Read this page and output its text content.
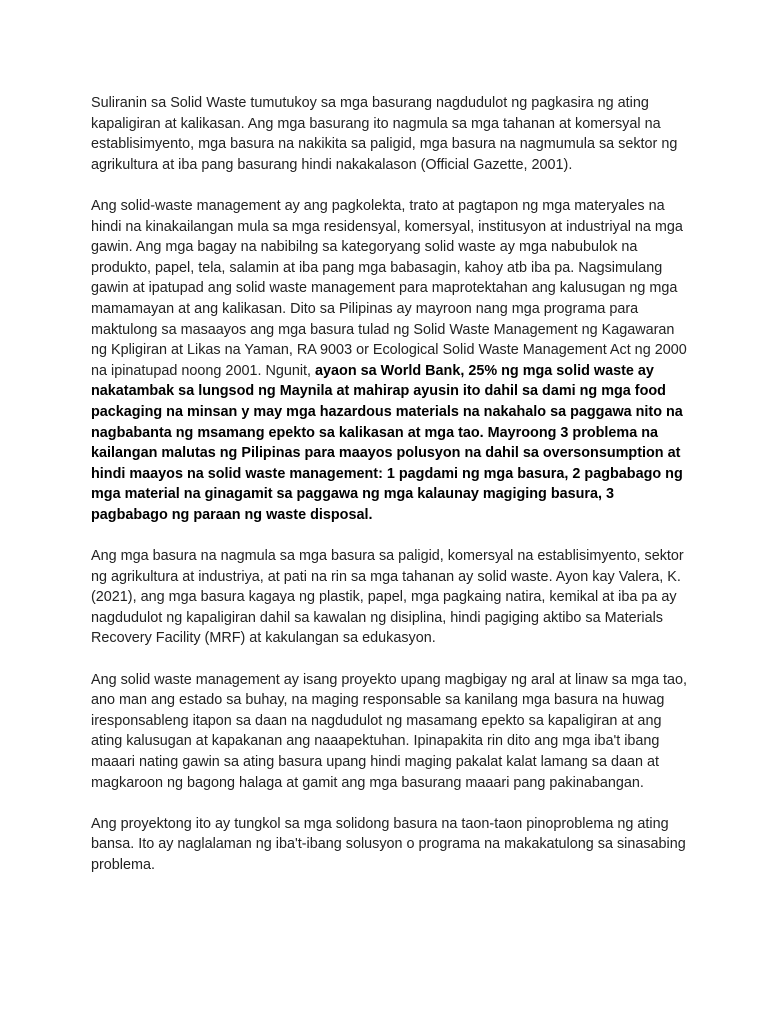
Suliranin sa Solid Waste tumutukoy sa mga basurang nagdudulot ng pagkasira ng ating kapaligiran at kalikasan. Ang mga basurang ito nagmula sa mga tahanan at komersyal na establisimyento, mga basura na nakikita sa paligid, mga basura na nagmumula sa sektor ng agrikultura at iba pang basurang hindi nakakalason (Official Gazette, 2001).

Ang solid-waste management ay ang pagkolekta, trato at pagtapon ng mga materyales na hindi na kinakailangan mula sa mga residensyal, komersyal, institusyon at industriyal na mga gawin. Ang mga bagay na nabibilng sa kategoryang solid waste ay mga nabubulok na produkto, papel, tela, salamin at iba pang mga babasagin, kahoy atb iba pa. Nagsimulang gawin at ipatupad ang solid waste management para maprotektahan ang kalusugan ng mga mamamayan at ang kalikasan. Dito sa Pilipinas ay mayroon nang mga programa para maktulong sa masaayos ang mga basura tulad ng Solid Waste Management ng Kagawaran ng Kpligiran at Likas na Yaman, RA 9003 or Ecological Solid Waste Management Act ng 2000 na ipinatupad noong 2001. Ngunit, ayaon sa World Bank, 25% ng mga solid waste ay nakatambak sa lungsod ng Maynila at mahirap ayusin ito dahil sa dami ng mga food packaging na minsan y may mga hazardous materials na nakahalo sa paggawa nito na nagbabanta ng msamang epekto sa kalikasan at mga tao. Mayroong 3 problema na kailangan malutas ng Pilipinas para maayos polusyon na dahil sa oversonsumption at hindi maayos na solid waste management: 1 pagdami ng mga basura, 2 pagbabago ng mga material na ginagamit sa paggawa ng mga kalaunay magiging basura, 3 pagbabago ng paraan ng waste disposal.

Ang mga basura na nagmula sa mga basura sa paligid, komersyal na establisimyento, sektor ng agrikultura at industriya, at pati na rin sa mga tahanan ay solid waste. Ayon kay Valera, K. (2021), ang mga basura kagaya ng plastik, papel, mga pagkaing natira, kemikal at iba pa ay nagdudulot ng kapaligiran dahil sa kawalan ng disiplina, hindi pagiging aktibo sa Materials Recovery Facility (MRF) at kakulangan sa edukasyon.

Ang solid waste management ay isang proyekto upang magbigay ng aral at linaw sa mga tao, ano man ang estado sa buhay, na maging responsable sa kanilang mga basura na huwag iresponsableng itapon sa daan na nagdudulot ng masamang epekto sa kapaligiran at ang ating kalusugan at kapakanan ang naaapektuhan. Ipinapakita rin dito ang mga iba't ibang maaari nating gawin sa ating basura upang hindi maging pakalat kalat lamang sa daan at magkaroon ng bagong halaga at gamit ang mga basurang maaari pang pakinabangan.

Ang proyektong ito ay tungkol sa mga solidong basura na taon-taon pinoproblema ng ating bansa. Ito ay naglalaman ng iba't-ibang solusyon o programa na makakatulong sa sinasabing problema.
